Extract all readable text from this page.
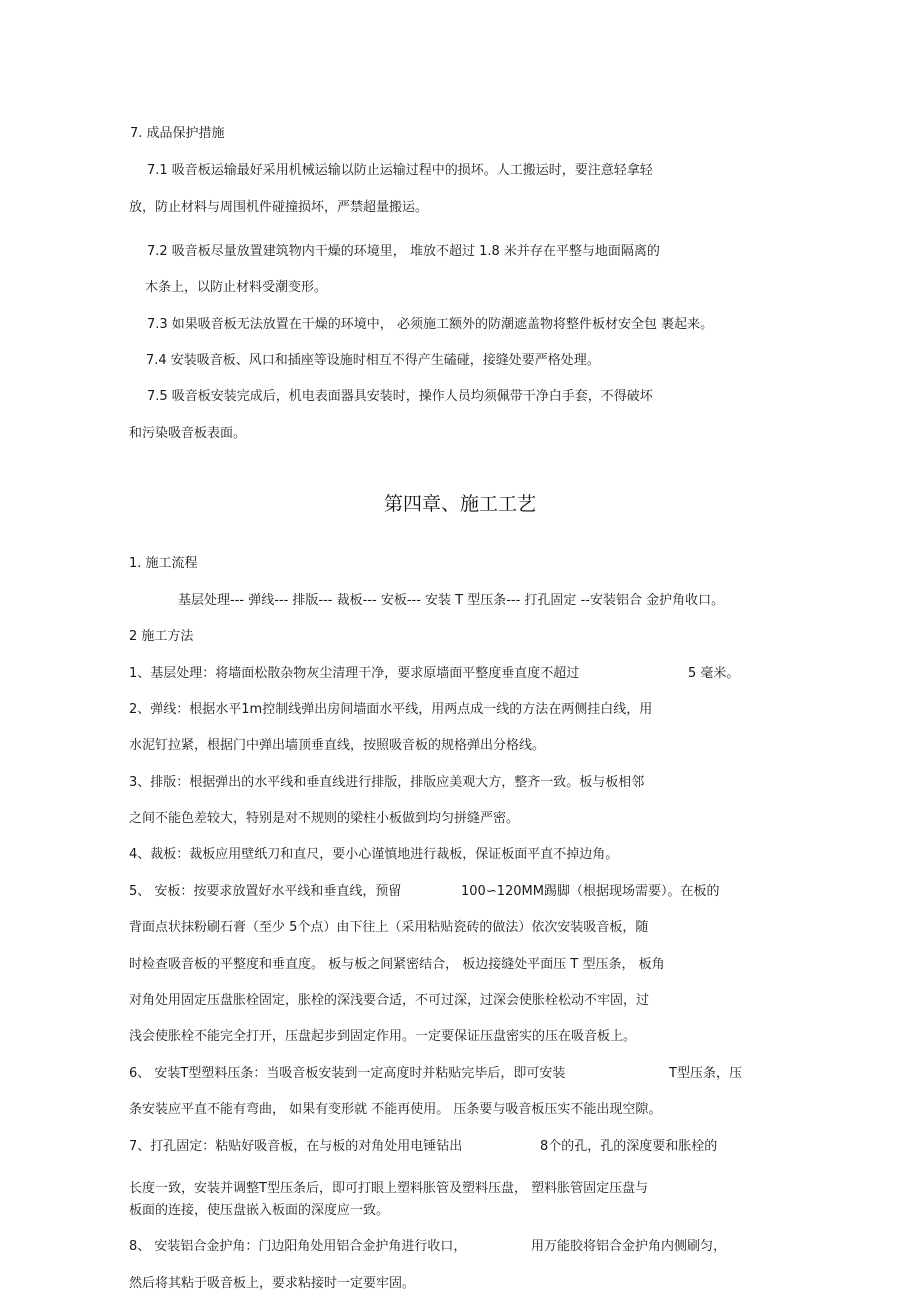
7. 成品保护措施
7.1 吸音板运输最好采用机械运输以防止运输过程中的损坏。人工搬运时，要注意轻拿轻
放，防止材料与周围机件碰撞损坏，严禁超量搬运。
7.2 吸音板尽量放置建筑物内干燥的环境里， 堆放不超过 1.8 米并存在平整与地面隔离的
木条上，以防止材料受潮变形。
7.3 如果吸音板无法放置在干燥的环境中， 必须施工额外的防潮遮盖物将整件板材安全包 裹起来。
7.4 安装吸音板、风口和插座等设施时相互不得产生磕碰，接缝处要严格处理。
7.5 吸音板安装完成后，机电表面器具安装时，操作人员均须佩带干净白手套，不得破坏
和污染吸音板表面。
第四章、施工工艺
1. 施工流程
基层处理--- 弹线--- 排版--- 裁板--- 安板--- 安装 T 型压条--- 打孔固定 --安装铝合 金护角收口。
2 施工方法
1、基层处理：将墙面松散杂物灰尘清理干净，要求原墙面平整度垂直度不超过	5 毫米。
2、弹线：根据水平1m控制线弹出房间墙面水平线，用两点成一线的方法在两侧挂白线，用
水泥钉拉紧，根据门中弹出墙顶垂直线，按照吸音板的规格弹出分格线。
3、排版：根据弹出的水平线和垂直线进行排版，排版应美观大方，整齐一致。板与板相邻
之间不能色差较大，特别是对不规则的梁柱小板做到均匀拼缝严密。
4、裁板：裁板应用壁纸刀和直尺，要小心谨慎地进行裁板，保证板面平直不掉边角。
5、 安板：按要求放置好水平线和垂直线，预留	100∽120MM踢脚（根据现场需要）。在板的
背面点状抹粉刷石膏（至少 5个点）由下往上（采用粘贴瓷砖的做法）依次安装吸音板，随
时检查吸音板的平整度和垂直度。 板与板之间紧密结合， 板边接缝处平面压 T 型压条， 板角
对角处用固定压盘胀栓固定，胀栓的深浅要合适，不可过深，过深会使胀栓松动不牢固，过
浅会使胀栓不能完全打开，压盘起步到固定作用。一定要保证压盘密实的压在吸音板上。
6、 安装T型塑料压条：当吸音板安装到一定高度时并粘贴完毕后，即可安装	T型压条，压
条安装应平直不能有弯曲， 如果有变形就 不能再使用。 压条要与吸音板压实不能出现空隙。
7、打孔固定：粘贴好吸音板，在与板的对角处用电锤钻出	8个的孔，孔的深度要和胀栓的
长度一致，安装并调整T型压条后，即可打眼上塑料胀管及塑料压盘， 塑料胀管固定压盘与
板面的连接，使压盘嵌入板面的深度应一致。
8、 安装铝合金护角：门边阳角处用铝合金护角进行收口，	用万能胶将铝合金护角内侧刷匀，
然后将其粘于吸音板上，要求粘接时一定要牢固。
